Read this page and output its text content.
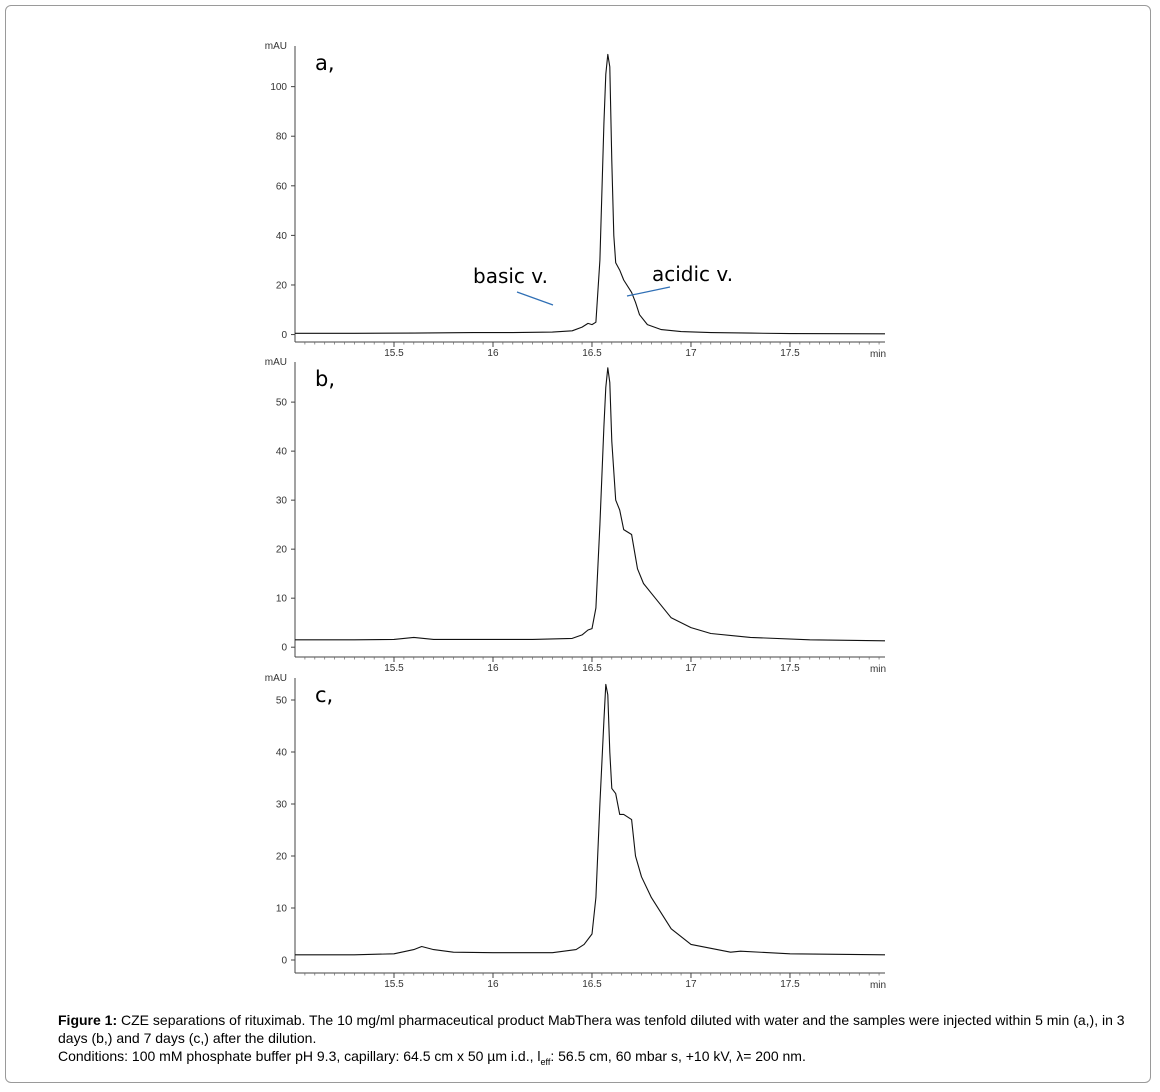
0
20
40
60
80
100
mAU
15.5	16	16.5	17	17.5	min
a,
basic v.	acidic v.
0
10
20
30
40
50
mAU
15.5	16	16.5	17	17.5	min
b,
0
10
20
30
40
50
mAU
15.5	16	16.5	17	17.5	min
c,
Figure 1: CZE separations of rituximab. The 10 mg/ml pharmaceutical product MabThera was tenfold diluted with water and the samples were injected within 5 min (a,), in 3 days (b,) and 7 days (c,) after the dilution.
Conditions: 100 mM phosphate buffer pH 9.3, capillary: 64.5 cm x 50 µm i.d., $l_{eff}$: 56.5 cm, 60 mbar s, +10 kV, λ= 200 nm.
